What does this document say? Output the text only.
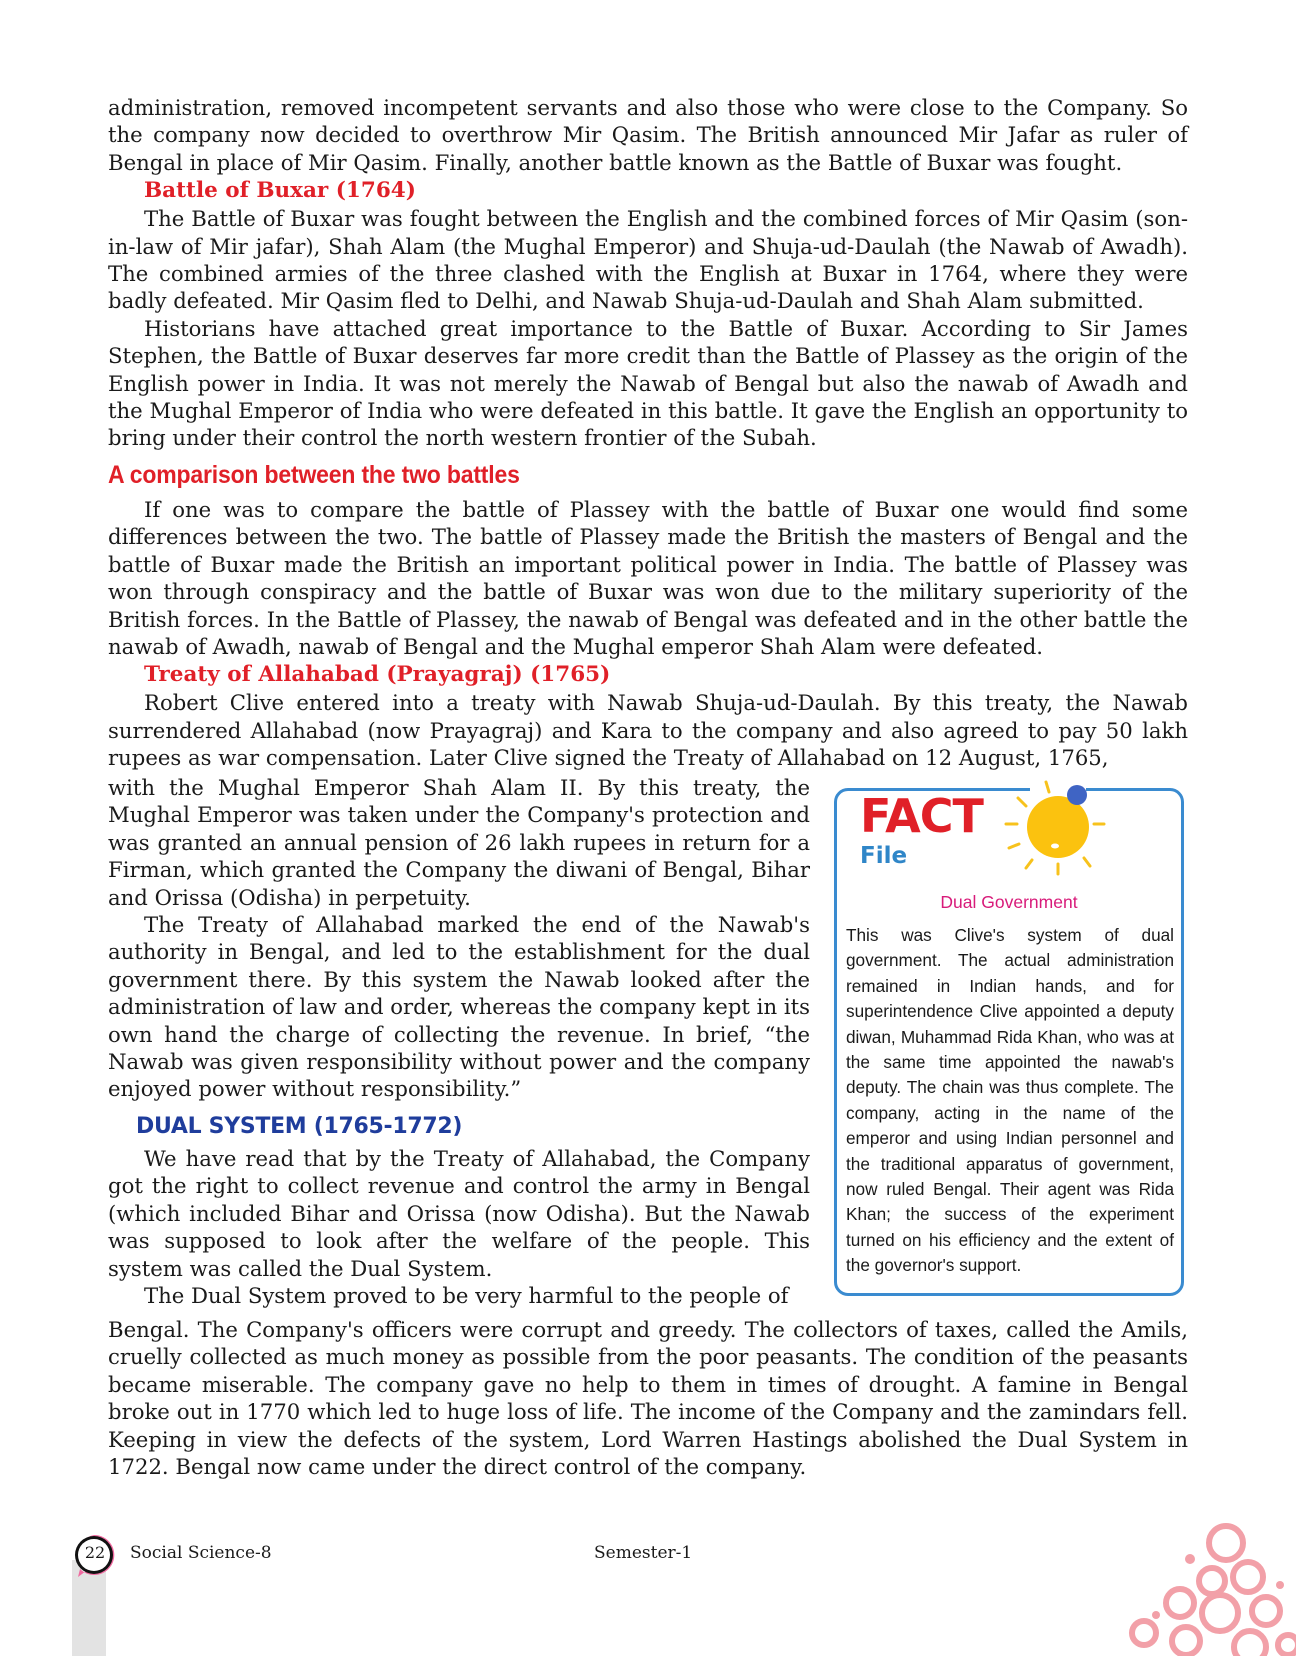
administration, removed incompetent servants and also those who were close to the Company. So the company now decided to overthrow Mir Qasim. The British announced Mir Jafar as ruler of Bengal in place of Mir Qasim. Finally, another battle known as the Battle of Buxar was fought.

Battle of Buxar (1764)

The Battle of Buxar was fought between the English and the combined forces of Mir Qasim (son-in-law of Mir jafar), Shah Alam (the Mughal Emperor) and Shuja-ud-Daulah (the Nawab of Awadh). The combined armies of the three clashed with the English at Buxar in 1764, where they were badly defeated. Mir Qasim fled to Delhi, and Nawab Shuja-ud-Daulah and Shah Alam submitted.

Historians have attached great importance to the Battle of Buxar. According to Sir James Stephen, the Battle of Buxar deserves far more credit than the Battle of Plassey as the origin of the English power in India. It was not merely the Nawab of Bengal but also the nawab of Awadh and the Mughal Emperor of India who were defeated in this battle. It gave the English an opportunity to bring under their control the north western frontier of the Subah.

A comparison between the two battles

If one was to compare the battle of Plassey with the battle of Buxar one would find some differences between the two. The battle of Plassey made the British the masters of Bengal and the battle of Buxar made the British an important political power in India. The battle of Plassey was won through conspiracy and the battle of Buxar was won due to the military superiority of the British forces. In the Battle of Plassey, the nawab of Bengal was defeated and in the other battle the nawab of Awadh, nawab of Bengal and the Mughal emperor Shah Alam were defeated.

Treaty of Allahabad (Prayagraj) (1765)

Robert Clive entered into a treaty with Nawab Shuja-ud-Daulah. By this treaty, the Nawab surrendered Allahabad (now Prayagraj) and Kara to the company and also agreed to pay 50 lakh rupees as war compensation. Later Clive signed the Treaty of Allahabad on 12 August, 1765,

with the Mughal Emperor Shah Alam II. By this treaty, the Mughal Emperor was taken under the Company's protection and was granted an annual pension of 26 lakh rupees in return for a Firman, which granted the Company the diwani of Bengal, Bihar and Orissa (Odisha) in perpetuity.

The Treaty of Allahabad marked the end of the Nawab's authority in Bengal, and led to the establishment for the dual government there. By this system the Nawab looked after the administration of law and order, whereas the company kept in its own hand the charge of collecting the revenue. In brief, “the Nawab was given responsibility without power and the company enjoyed power without responsibility.”

DUAL SYSTEM (1765-1772)

We have read that by the Treaty of Allahabad, the Company got the right to collect revenue and control the army in Bengal (which included Bihar and Orissa (now Odisha). But the Nawab was supposed to look after the welfare of the people. This system was called the Dual System.

The Dual System proved to be very harmful to the people of

Bengal. The Company's officers were corrupt and greedy. The collectors of taxes, called the Amils, cruelly collected as much money as possible from the poor peasants. The condition of the peasants became miserable. The company gave no help to them in times of drought. A famine in Bengal broke out in 1770 which led to huge loss of life. The income of the Company and the zamindars fell. Keeping in view the defects of the system, Lord Warren Hastings abolished the Dual System in 1722. Bengal now came under the direct control of the company.

FACT
File
Dual Government

This was Clive's system of dual government. The actual administration remained in Indian hands, and for superintendence Clive appointed a deputy diwan, Muhammad Rida Khan, who was at the same time appointed the nawab's deputy. The chain was thus complete. The company, acting in the name of the emperor and using Indian personnel and the traditional apparatus of government, now ruled Bengal. Their agent was Rida Khan; the success of the experiment turned on his efficiency and the extent of the governor's support.

22	Social Science-8	Semester-1
